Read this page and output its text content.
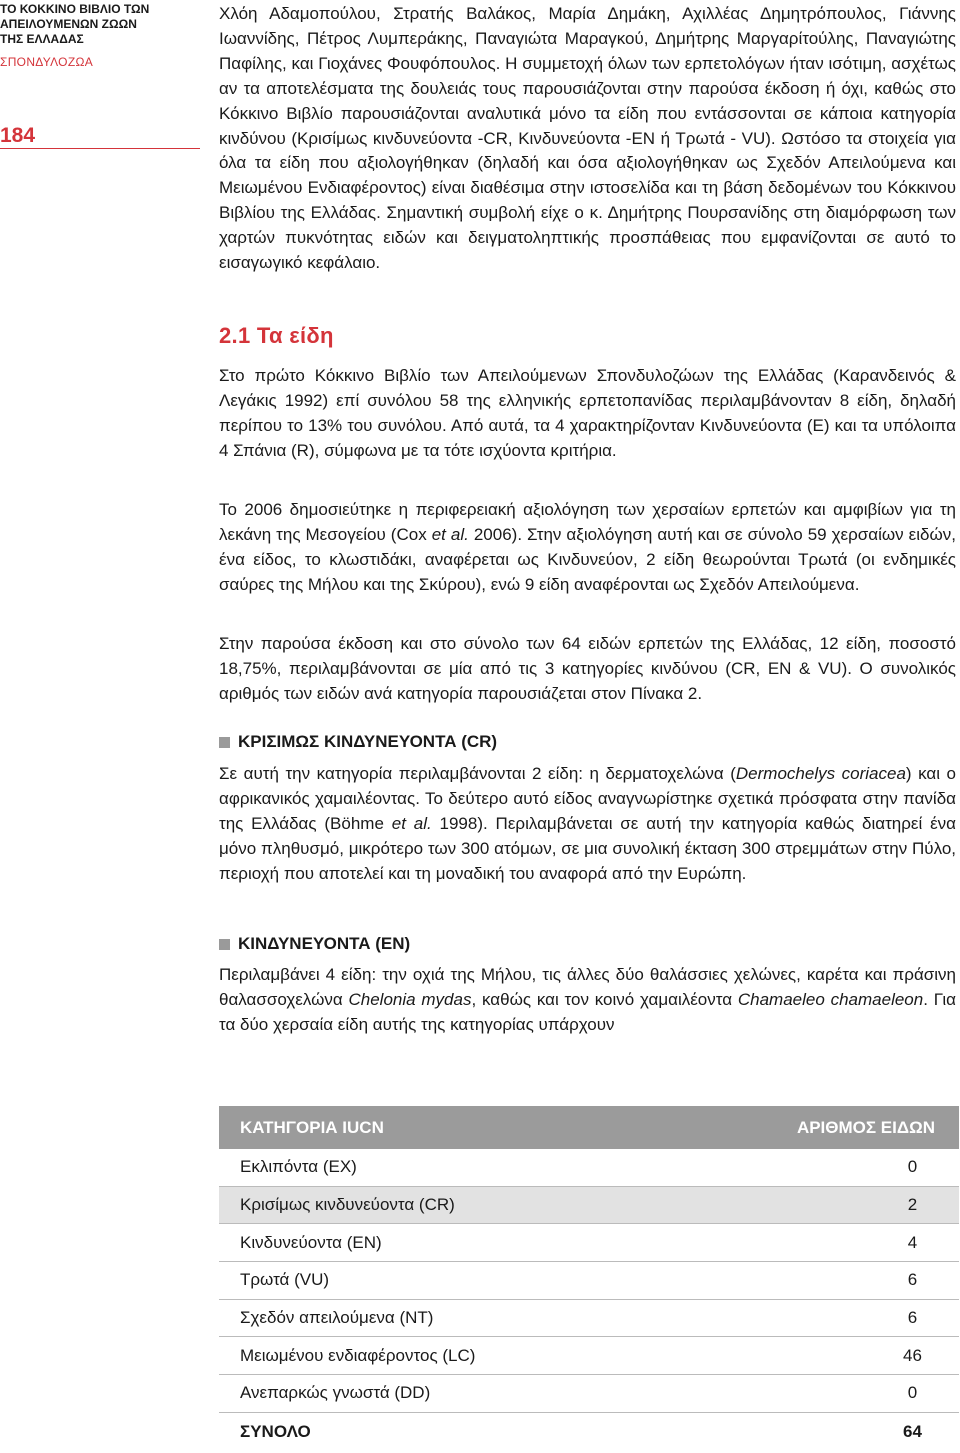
ΤΟ ΚΟΚΚΙΝΟ ΒΙΒΛΙΟ ΤΩΝ
ΑΠΕΙΛΟΥΜΕΝΩΝ ΖΩΩΝ
ΤΗΣ ΕΛΛΑΔΑΣ
ΣΠΟΝΔΥΛΟΖΩΑ
184

Χλόη Αδαμοπούλου, Στρατής Βαλάκος, Μαρία Δημάκη, Αχιλλέας Δημητρόπουλος, Γιάννης Ιωαννίδης, Πέτρος Λυμπεράκης, Παναγιώτα Μαραγκού, Δημήτρης Μαργαρίτούλης, Παναγιώτης Παφίλης, και Γιοχάνες Φουφόπουλος. Η συμμετοχή όλων των ερπετολόγων ήταν ισότιμη, ασχέτως αν τα αποτελέσματα της δουλειάς τους παρουσιάζονται στην παρούσα έκδοση ή όχι, καθώς στο Κόκκινο Βιβλίο παρουσιάζονται αναλυτικά μόνο τα είδη που εντάσσονται σε κάποια κατηγορία κινδύνου (Κρισίμως κινδυνεύοντα -CR, Κινδυνεύοντα -EN ή Τρωτά - VU). Ωστόσο τα στοιχεία για όλα τα είδη που αξιολογήθηκαν (δηλαδή και όσα αξιολογήθηκαν ως Σχεδόν Απειλούμενα και Μειωμένου Ενδιαφέροντος) είναι διαθέσιμα στην ιστοσελίδα και τη βάση δεδομένων του Κόκκινου Βιβλίου της Ελλάδας. Σημαντική συμβολή είχε ο κ. Δημήτρης Πουρσανίδης στη διαμόρφωση των χαρτών πυκνότητας ειδών και δειγματοληπτικής προσπάθειας που εμφανίζονται σε αυτό το εισαγωγικό κεφάλαιο.

2.1 Τα είδη

Στο πρώτο Κόκκινο Βιβλίο των Απειλούμενων Σπονδυλοζώων της Ελλάδας (Καρανδεινός & Λεγάκις 1992) επί συνόλου 58 της ελληνικής ερπετοπανίδας περιλαμβάνονταν 8 είδη, δηλαδή περίπου το 13% του συνόλου. Από αυτά, τα 4 χαρακτηρίζονταν Κινδυνεύοντα (E) και τα υπόλοιπα 4 Σπάνια (R), σύμφωνα με τα τότε ισχύοντα κριτήρια.

Το 2006 δημοσιεύτηκε η περιφερειακή αξιολόγηση των χερσαίων ερπετών και αμφιβίων για τη λεκάνη της Μεσογείου (Cox et al. 2006). Στην αξιολόγηση αυτή και σε σύνολο 59 χερσαίων ειδών, ένα είδος, το κλωστιδάκι, αναφέρεται ως Κινδυνεύον, 2 είδη θεωρούνται Τρωτά (οι ενδημικές σαύρες της Μήλου και της Σκύρου), ενώ 9 είδη αναφέρονται ως Σχεδόν Απειλούμενα.

Στην παρούσα έκδοση και στο σύνολο των 64 ειδών ερπετών της Ελλάδας, 12 είδη, ποσοστό 18,75%, περιλαμβάνονται σε μία από τις 3 κατηγορίες κινδύνου (CR, EN & VU). Ο συνολικός αριθμός των ειδών ανά κατηγορία παρουσιάζεται στον Πίνακα 2.

ΚΡΙΣΙΜΩΣ ΚΙΝΔΥΝΕΥΟΝΤΑ (CR)

Σε αυτή την κατηγορία περιλαμβάνονται 2 είδη: η δερματοχελώνα (Dermochelys coriacea) και ο αφρικανικός χαμαιλέοντας. Το δεύτερο αυτό είδος αναγνωρίστηκε σχετικά πρόσφατα στην πανίδα της Ελλάδας (Böhme et al. 1998). Περιλαμβάνεται σε αυτή την κατηγορία καθώς διατηρεί ένα μόνο πληθυσμό, μικρότερο των 300 ατόμων, σε μια συνολική έκταση 300 στρεμμάτων στην Πύλο, περιοχή που αποτελεί και τη μοναδική του αναφορά από την Ευρώπη.

ΚΙΝΔΥΝΕΥΟΝΤΑ (EN)

Περιλαμβάνει 4 είδη: την οχιά της Μήλου, τις άλλες δύο θαλάσσιες χελώνες, καρέτα και πράσινη θαλασσοχελώνα Chelonia mydas, καθώς και τον κοινό χαμαιλέοντα Chamaeleo chamaeleon. Για τα δύο χερσαία είδη αυτής της κατηγορίας υπάρχουν

ΚΑΤΗΓΟΡΙΑ IUCN	ΑΡΙΘΜΟΣ ΕΙΔΩΝ
Εκλιπόντα (EX)	0
Κρισίμως κινδυνεύοντα (CR)	2
Κινδυνεύοντα (EN)	4
Τρωτά (VU)	6
Σχεδόν απειλούμενα (NT)	6
Μειωμένου ενδιαφέροντος (LC)	46
Ανεπαρκώς γνωστά (DD)	0
ΣΥΝΟΛΟ	64
